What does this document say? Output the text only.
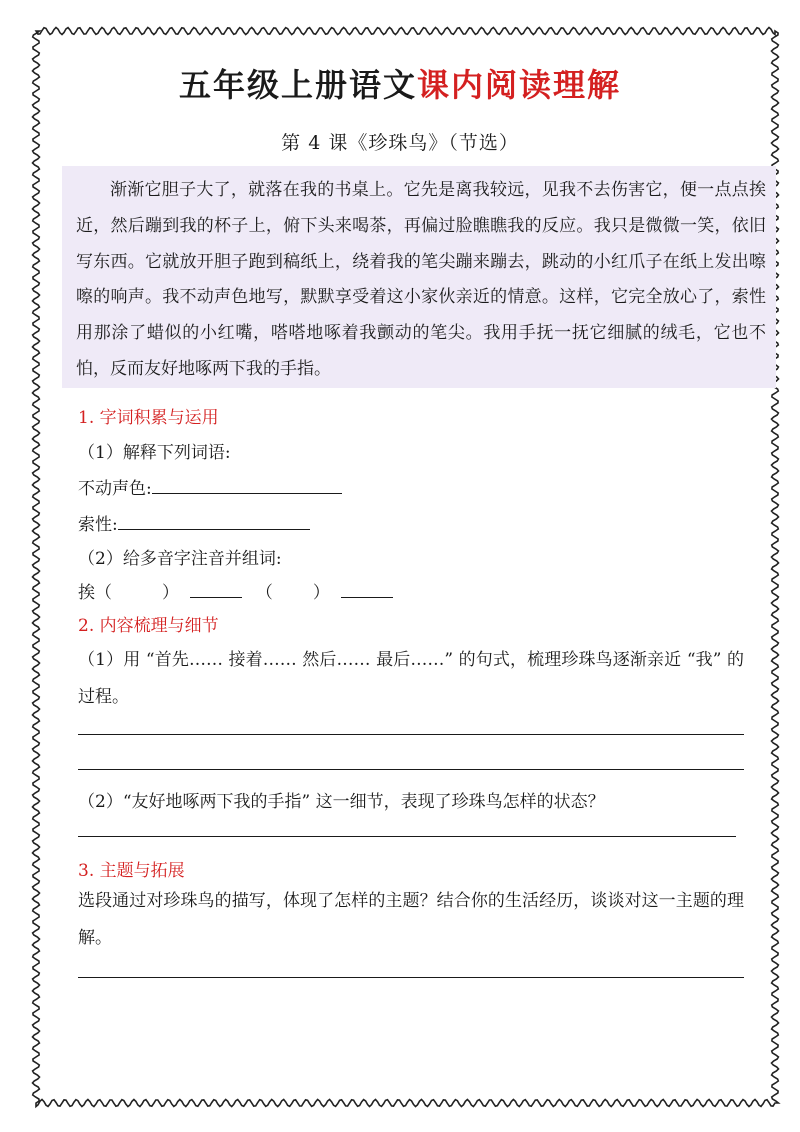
五年级上册语文课内阅读理解
第 4 课《珍珠鸟》（节选）

渐渐它胆子大了，就落在我的书桌上。它先是离我较远，见我不去伤害它，便一点点挨近，然后蹦到我的杯子上，俯下头来喝茶，再偏过脸瞧瞧我的反应。我只是微微一笑，依旧写东西。它就放开胆子跑到稿纸上，绕着我的笔尖蹦来蹦去，跳动的小红爪子在纸上发出嚓嚓的响声。我不动声色地写，默默享受着这小家伙亲近的情意。这样，它完全放心了，索性用那涂了蜡似的小红嘴，嗒嗒地啄着我颤动的笔尖。我用手抚一抚它细腻的绒毛，它也不怕，反而友好地啄两下我的手指。

1. 字词积累与运用
（1）解释下列词语:
不动声色:
索性:
（2）给多音字注音并组词:
挨（	）	（ ）
2. 内容梳理与细节

（1）用 “首先…… 接着…… 然后…… 最后……” 的句式，梳理珍珠鸟逐渐亲近 “我” 的过程。

（2）“友好地啄两下我的手指” 这一细节，表现了珍珠鸟怎样的状态？
3. 主题与拓展

选段通过对珍珠鸟的描写，体现了怎样的主题？结合你的生活经历，谈谈对这一主题的理解。
